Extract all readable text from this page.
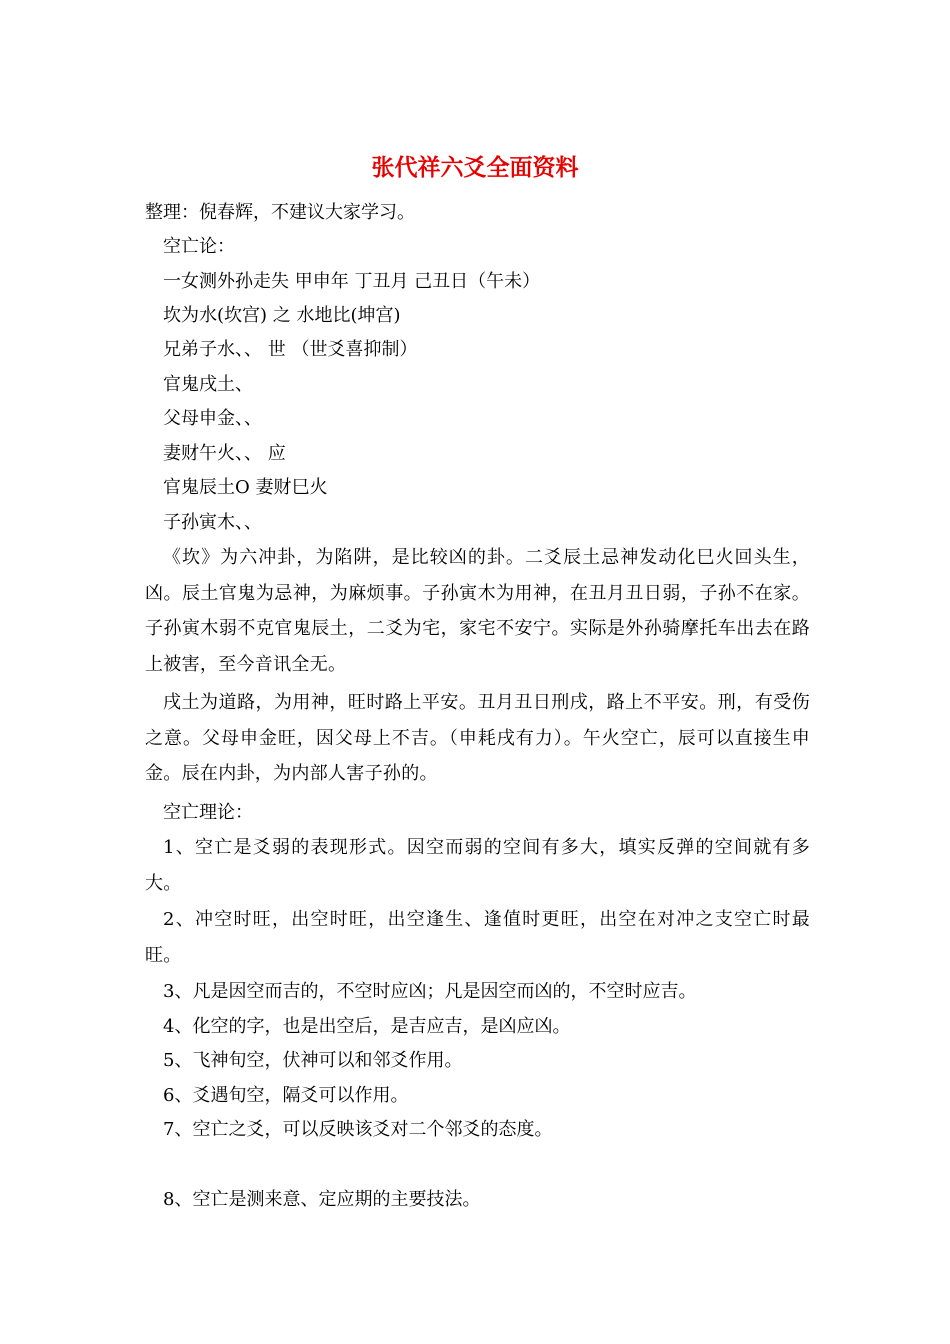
张代祥六爻全面资料
整理：倪春辉，不建议大家学习。
空亡论：
一女测外孙走失 甲申年 丁丑月 己丑日（午未）
坎为水(坎宫) 之 水地比(坤宫)
兄弟子水、、 世 （世爻喜抑制）
官鬼戌土、
父母申金、、
妻财午火、、 应
官鬼辰土O 妻财巳火
子孙寅木、、
《坎》为六冲卦，为陷阱，是比较凶的卦。二爻辰土忌神发动化巳火回头生，凶。辰土官鬼为忌神，为麻烦事。子孙寅木为用神，在丑月丑日弱，子孙不在家。子孙寅木弱不克官鬼辰土，二爻为宅，家宅不安宁。实际是外孙骑摩托车出去在路上被害，至今音讯全无。
戌土为道路，为用神，旺时路上平安。丑月丑日刑戌，路上不平安。刑，有受伤之意。父母申金旺，因父母上不吉。（申耗戌有力）。午火空亡，辰可以直接生申金。辰在内卦，为内部人害子孙的。
空亡理论：
1、空亡是爻弱的表现形式。因空而弱的空间有多大，填实反弹的空间就有多大。
2、冲空时旺，出空时旺，出空逢生、逢值时更旺，出空在对冲之支空亡时最旺。
3、凡是因空而吉的，不空时应凶；凡是因空而凶的，不空时应吉。
4、化空的字，也是出空后，是吉应吉，是凶应凶。
5、飞神旬空，伏神可以和邻爻作用。
6、爻遇旬空，隔爻可以作用。
7、空亡之爻，可以反映该爻对二个邻爻的态度。
8、空亡是测来意、定应期的主要技法。
